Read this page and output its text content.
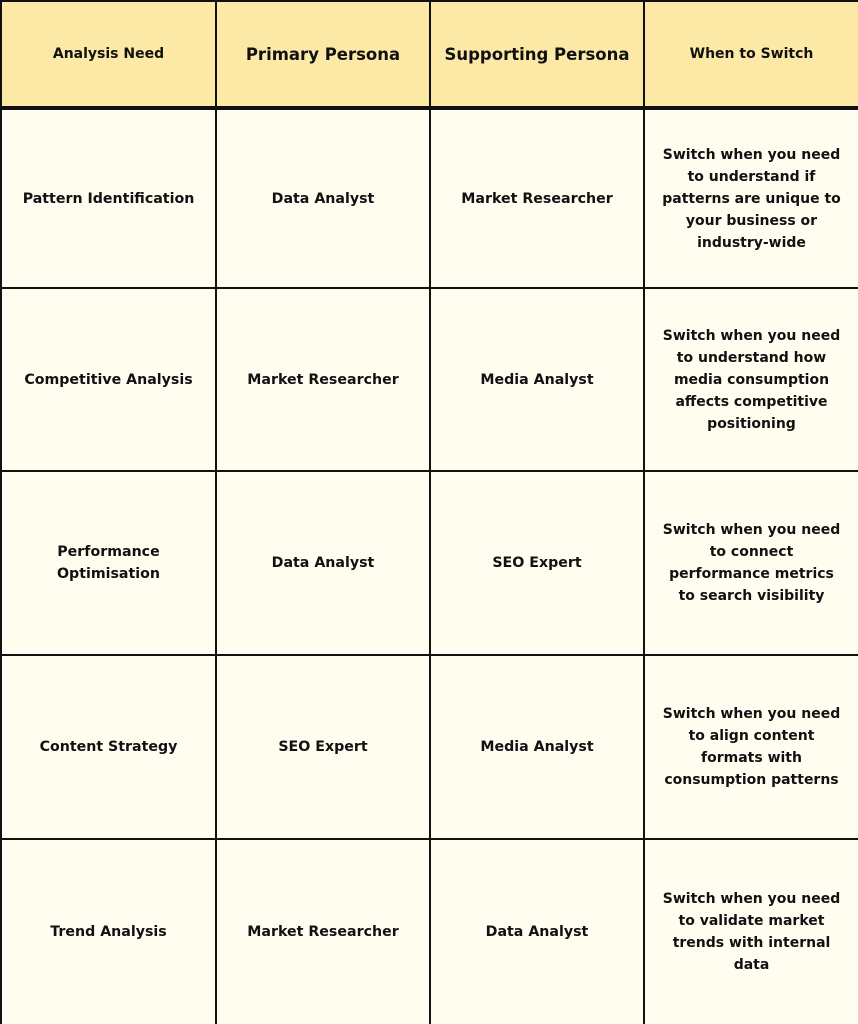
Analysis Need	Primary Persona	Supporting Persona	When to Switch
Pattern Identification	Data Analyst	Market Researcher	Switch when you need to understand if patterns are unique to your business or industry-wide
Competitive Analysis	Market Researcher	Media Analyst	Switch when you need to understand how media consumption affects competitive positioning
Performance Optimisation	Data Analyst	SEO Expert	Switch when you need to connect performance metrics to search visibility
Content Strategy	SEO Expert	Media Analyst	Switch when you need to align content formats with consumption patterns
Trend Analysis	Market Researcher	Data Analyst	Switch when you need to validate market trends with internal data
